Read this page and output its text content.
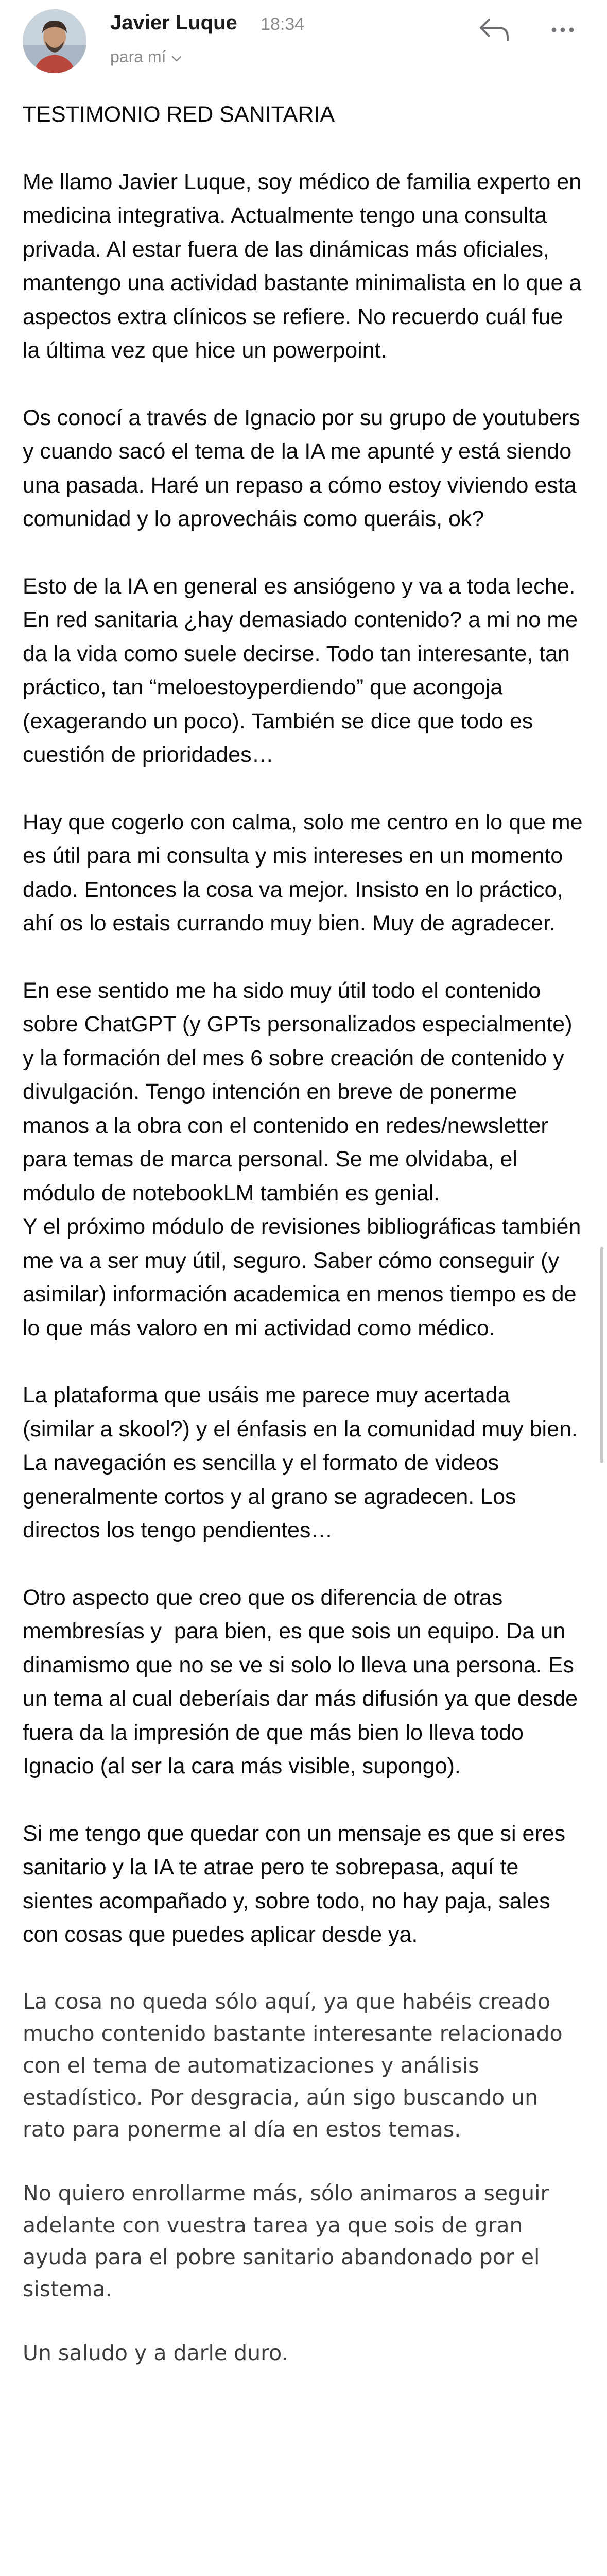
Javier Luque 18:34
para mí

TESTIMONIO RED SANITARIA

Me llamo Javier Luque, soy médico de familia experto en medicina integrativa. Actualmente tengo una consulta privada. Al estar fuera de las dinámicas más oficiales, mantengo una actividad bastante minimalista en lo que a aspectos extra clínicos se refiere. No recuerdo cuál fue la última vez que hice un powerpoint.

Os conocí a través de Ignacio por su grupo de youtubers y cuando sacó el tema de la IA me apunté y está siendo una pasada. Haré un repaso a cómo estoy viviendo esta comunidad y lo aprovecháis como queráis, ok?

Esto de la IA en general es ansiógeno y va a toda leche. En red sanitaria ¿hay demasiado contenido? a mi no me da la vida como suele decirse. Todo tan interesante, tan práctico, tan “meloestoyperdiendo” que acongoja (exagerando un poco). También se dice que todo es cuestión de prioridades…

Hay que cogerlo con calma, solo me centro en lo que me es útil para mi consulta y mis intereses en un momento dado. Entonces la cosa va mejor. Insisto en lo práctico, ahí os lo estais currando muy bien. Muy de agradecer.

En ese sentido me ha sido muy útil todo el contenido sobre ChatGPT (y GPTs personalizados especialmente) y la formación del mes 6 sobre creación de contenido y divulgación. Tengo intención en breve de ponerme manos a la obra con el contenido en redes/newsletter para temas de marca personal. Se me olvidaba, el módulo de notebookLM también es genial.

Y el próximo módulo de revisiones bibliográficas también me va a ser muy útil, seguro. Saber cómo conseguir (y asimilar) información academica en menos tiempo es de lo que más valoro en mi actividad como médico.

La plataforma que usáis me parece muy acertada (similar a skool?) y el énfasis en la comunidad muy bien. La navegación es sencilla y el formato de videos generalmente cortos y al grano se agradecen. Los directos los tengo pendientes…

Otro aspecto que creo que os diferencia de otras membresías y  para bien, es que sois un equipo. Da un dinamismo que no se ve si solo lo lleva una persona. Es un tema al cual deberíais dar más difusión ya que desde fuera da la impresión de que más bien lo lleva todo Ignacio (al ser la cara más visible, supongo).

Si me tengo que quedar con un mensaje es que si eres sanitario y la IA te atrae pero te sobrepasa, aquí te sientes acompañado y, sobre todo, no hay paja, sales con cosas que puedes aplicar desde ya.

La cosa no queda sólo aquí, ya que habéis creado mucho contenido bastante interesante relacionado con el tema de automatizaciones y análisis estadístico. Por desgracia, aún sigo buscando un rato para ponerme al día en estos temas.

No quiero enrollarme más, sólo animaros a seguir adelante con vuestra tarea ya que sois de gran ayuda para el pobre sanitario abandonado por el sistema.

Un saludo y a darle duro.
